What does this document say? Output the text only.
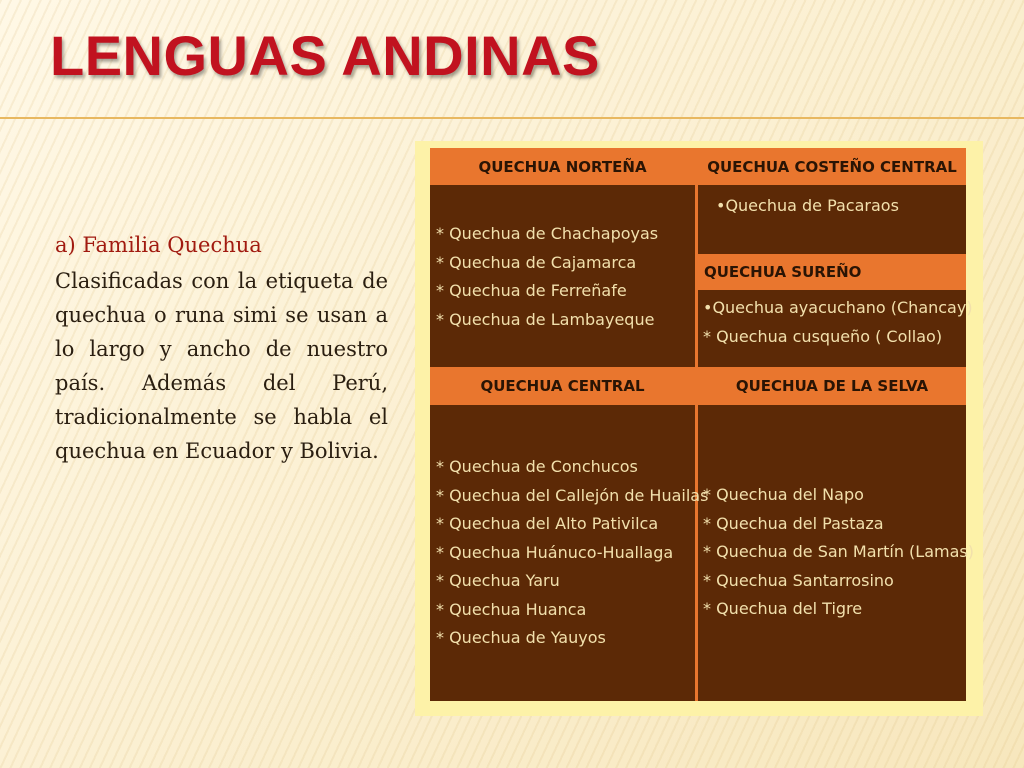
LENGUAS ANDINAS

a) Familia Quechua

Clasificadas con la etiqueta de quechua o runa simi se usan a lo largo y ancho de nuestro país. Además del Perú, tradicionalmente se habla el quechua en Ecuador y Bolivia.

QUECHUA NORTEÑA	QUECHUA COSTEÑO CENTRAL
* Quechua de Chachapoyas
* Quechua de Cajamarca
* Quechua de Ferreñafe
* Quechua de Lambayeque
•Quechua de Pacaraos
QUECHUA SUREÑO
•Quechua ayacuchano (Chancay)
* Quechua cusqueño ( Collao)
QUECHUA CENTRAL	QUECHUA DE LA SELVA
* Quechua de Conchucos
* Quechua del Callejón de Huailas
* Quechua del Alto Pativilca
* Quechua Huánuco-Huallaga
* Quechua Yaru
* Quechua Huanca
* Quechua de Yauyos
* Quechua del Napo
* Quechua del Pastaza
* Quechua de San Martín (Lamas)
* Quechua Santarrosino
* Quechua del Tigre
